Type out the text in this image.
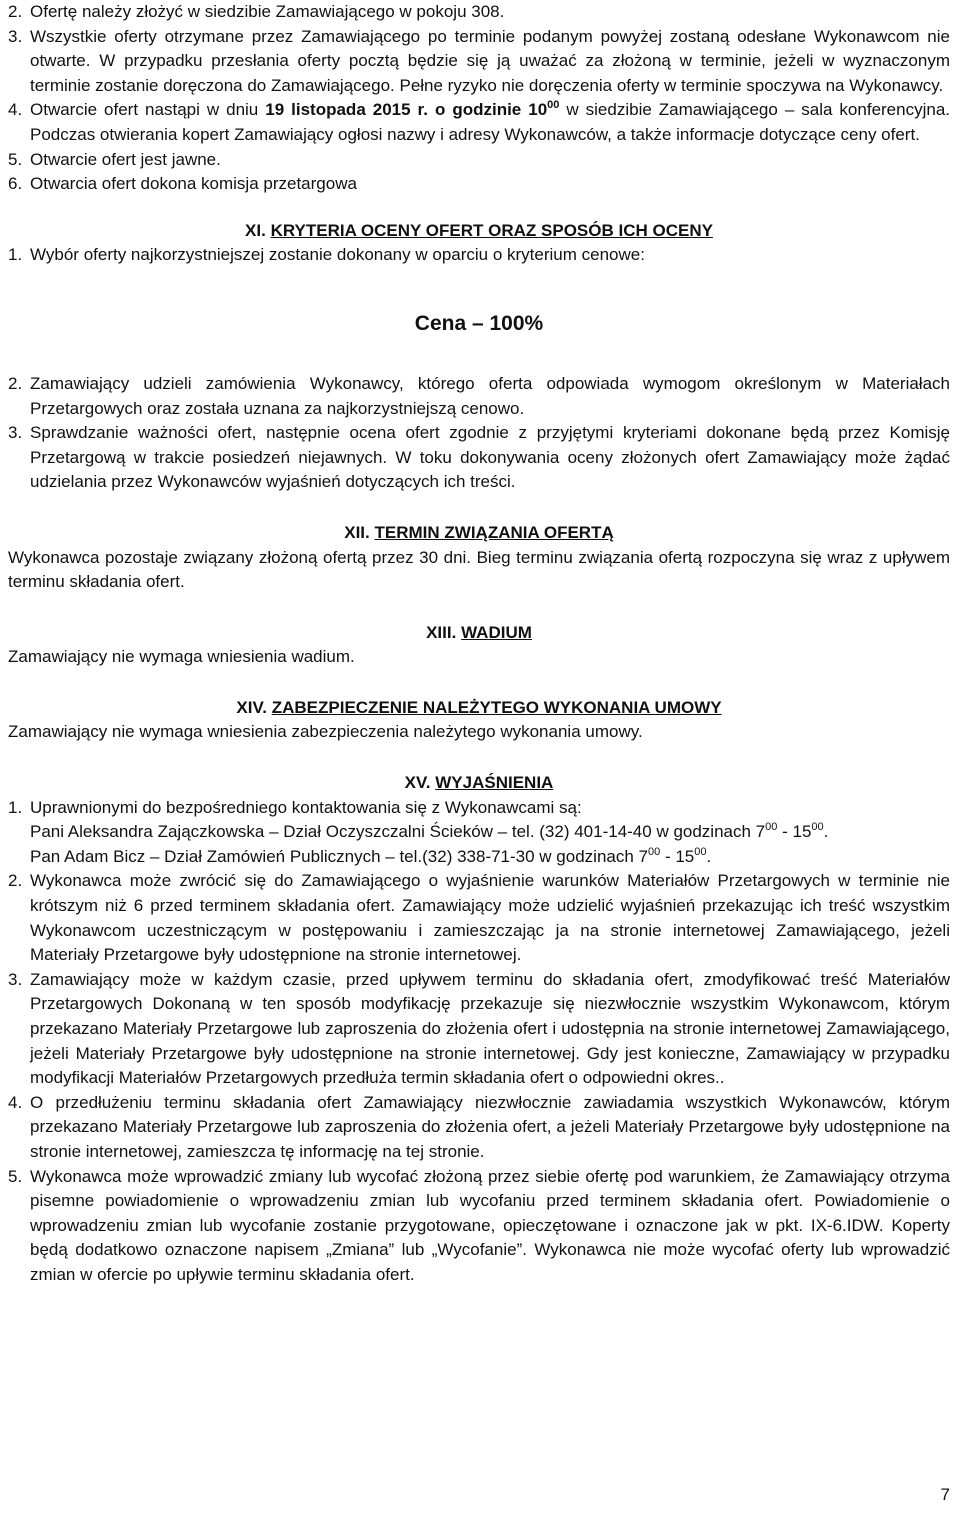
2. Ofertę należy złożyć w siedzibie Zamawiającego w pokoju 308.

3. Wszystkie oferty otrzymane przez Zamawiającego po terminie podanym powyżej zostaną odesłane Wykonawcom nie otwarte. W przypadku przesłania oferty pocztą będzie się ją uważać za złożoną w terminie, jeżeli w wyznaczonym terminie zostanie doręczona do Zamawiającego. Pełne ryzyko nie doręczenia oferty w terminie spoczywa na Wykonawcy.

4. Otwarcie ofert nastąpi w dniu 19 listopada 2015 r. o godzinie $10^{00}$ w siedzibie Zamawiającego – sala konferencyjna. Podczas otwierania kopert Zamawiający ogłosi nazwy i adresy Wykonawców, a także informacje dotyczące ceny ofert.

5. Otwarcie ofert jest jawne.

6. Otwarcia ofert dokona komisja przetargowa

XI. KRYTERIA OCENY OFERT ORAZ SPOSÓB ICH OCENY

1. Wybór oferty najkorzystniejszej zostanie dokonany w oparciu o kryterium cenowe:

Cena – 100%

2. Zamawiający udzieli zamówienia Wykonawcy, którego oferta odpowiada wymogom określonym w Materiałach Przetargowych oraz została uznana za najkorzystniejszą cenowo.

3. Sprawdzanie ważności ofert, następnie ocena ofert zgodnie z przyjętymi kryteriami dokonane będą przez Komisję Przetargową w trakcie posiedzeń niejawnych. W toku dokonywania oceny złożonych ofert Zamawiający może żądać udzielania przez Wykonawców wyjaśnień dotyczących ich treści.

XII. TERMIN ZWIĄZANIA OFERTĄ

Wykonawca pozostaje związany złożoną ofertą przez 30 dni. Bieg terminu związania ofertą rozpoczyna się wraz z upływem terminu składania ofert.

XIII. WADIUM

Zamawiający nie wymaga wniesienia wadium.

XIV. ZABEZPIECZENIE NALEŻYTEGO WYKONANIA UMOWY

Zamawiający nie wymaga wniesienia zabezpieczenia należytego wykonania umowy.

XV. WYJAŚNIENIA

1. Uprawnionymi do bezpośredniego kontaktowania się z Wykonawcami są:
Pani Aleksandra Zajączkowska – Dział Oczyszczalni Ścieków – tel. (32) 401-14-40 w godzinach $7^{00} - 15^{00}$.
Pan Adam Bicz – Dział Zamówień Publicznych – tel.(32) 338-71-30 w godzinach $7^{00} - 15^{00}$.

2. Wykonawca może zwrócić się do Zamawiającego o wyjaśnienie warunków Materiałów Przetargowych w terminie nie krótszym niż 6 przed terminem składania ofert. Zamawiający może udzielić wyjaśnień przekazując ich treść wszystkim Wykonawcom uczestniczącym w postępowaniu i zamieszczając ja na stronie internetowej Zamawiającego, jeżeli Materiały Przetargowe były udostępnione na stronie internetowej.

3. Zamawiający może w każdym czasie, przed upływem terminu do składania ofert, zmodyfikować treść Materiałów Przetargowych Dokonaną w ten sposób modyfikację przekazuje się niezwłocznie wszystkim Wykonawcom, którym przekazano Materiały Przetargowe lub zaproszenia do złożenia ofert i udostępnia na stronie internetowej Zamawiającego, jeżeli Materiały Przetargowe były udostępnione na stronie internetowej. Gdy jest konieczne, Zamawiający w przypadku modyfikacji Materiałów Przetargowych przedłuża termin składania ofert o odpowiedni okres..

4. O przedłużeniu terminu składania ofert Zamawiający niezwłocznie zawiadamia wszystkich Wykonawców, którym przekazano Materiały Przetargowe lub zaproszenia do złożenia ofert, a jeżeli Materiały Przetargowe były udostępnione na stronie internetowej, zamieszcza tę informację na tej stronie.

5. Wykonawca może wprowadzić zmiany lub wycofać złożoną przez siebie ofertę pod warunkiem, że Zamawiający otrzyma pisemne powiadomienie o wprowadzeniu zmian lub wycofaniu przed terminem składania ofert. Powiadomienie o wprowadzeniu zmian lub wycofanie zostanie przygotowane, opieczętowane i oznaczone jak w pkt. IX-6.IDW. Koperty będą dodatkowo oznaczone napisem „Zmiana” lub „Wycofanie”. Wykonawca nie może wycofać oferty lub wprowadzić zmian w ofercie po upływie terminu składania ofert.

7
